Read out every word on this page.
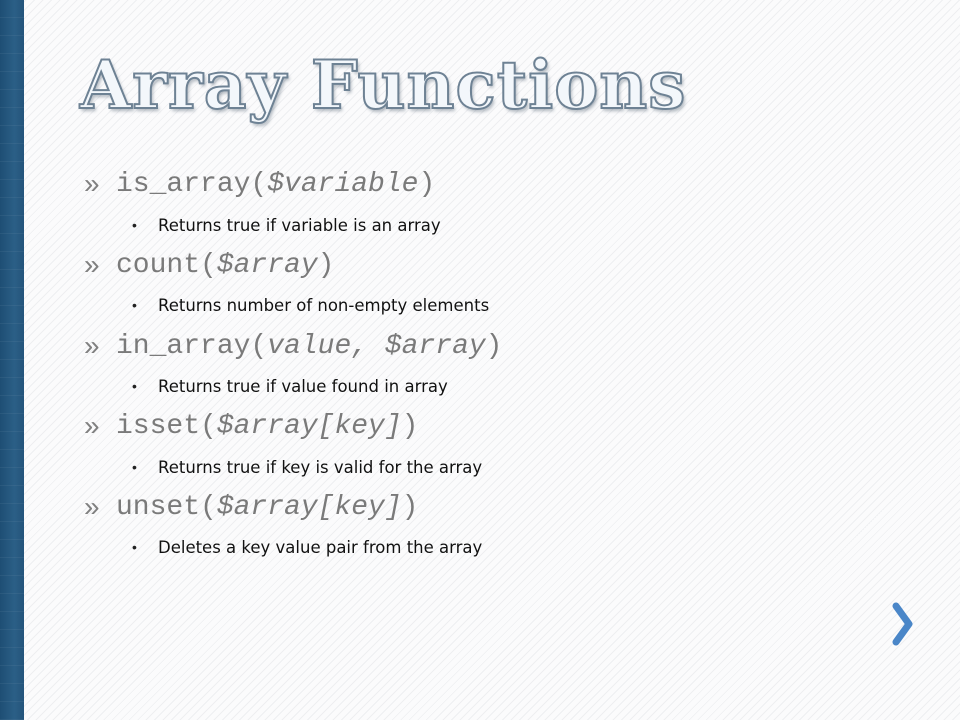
Array Functions
» is_array($variable)
•	Returns true if variable is an array
» count($array)
•	Returns number of non-empty elements
» in_array(value, $array)
•	Returns true if value found in array
» isset($array[key])
•	Returns true if key is valid for the array
» unset($array[key])
•	Deletes a key value pair from the array
